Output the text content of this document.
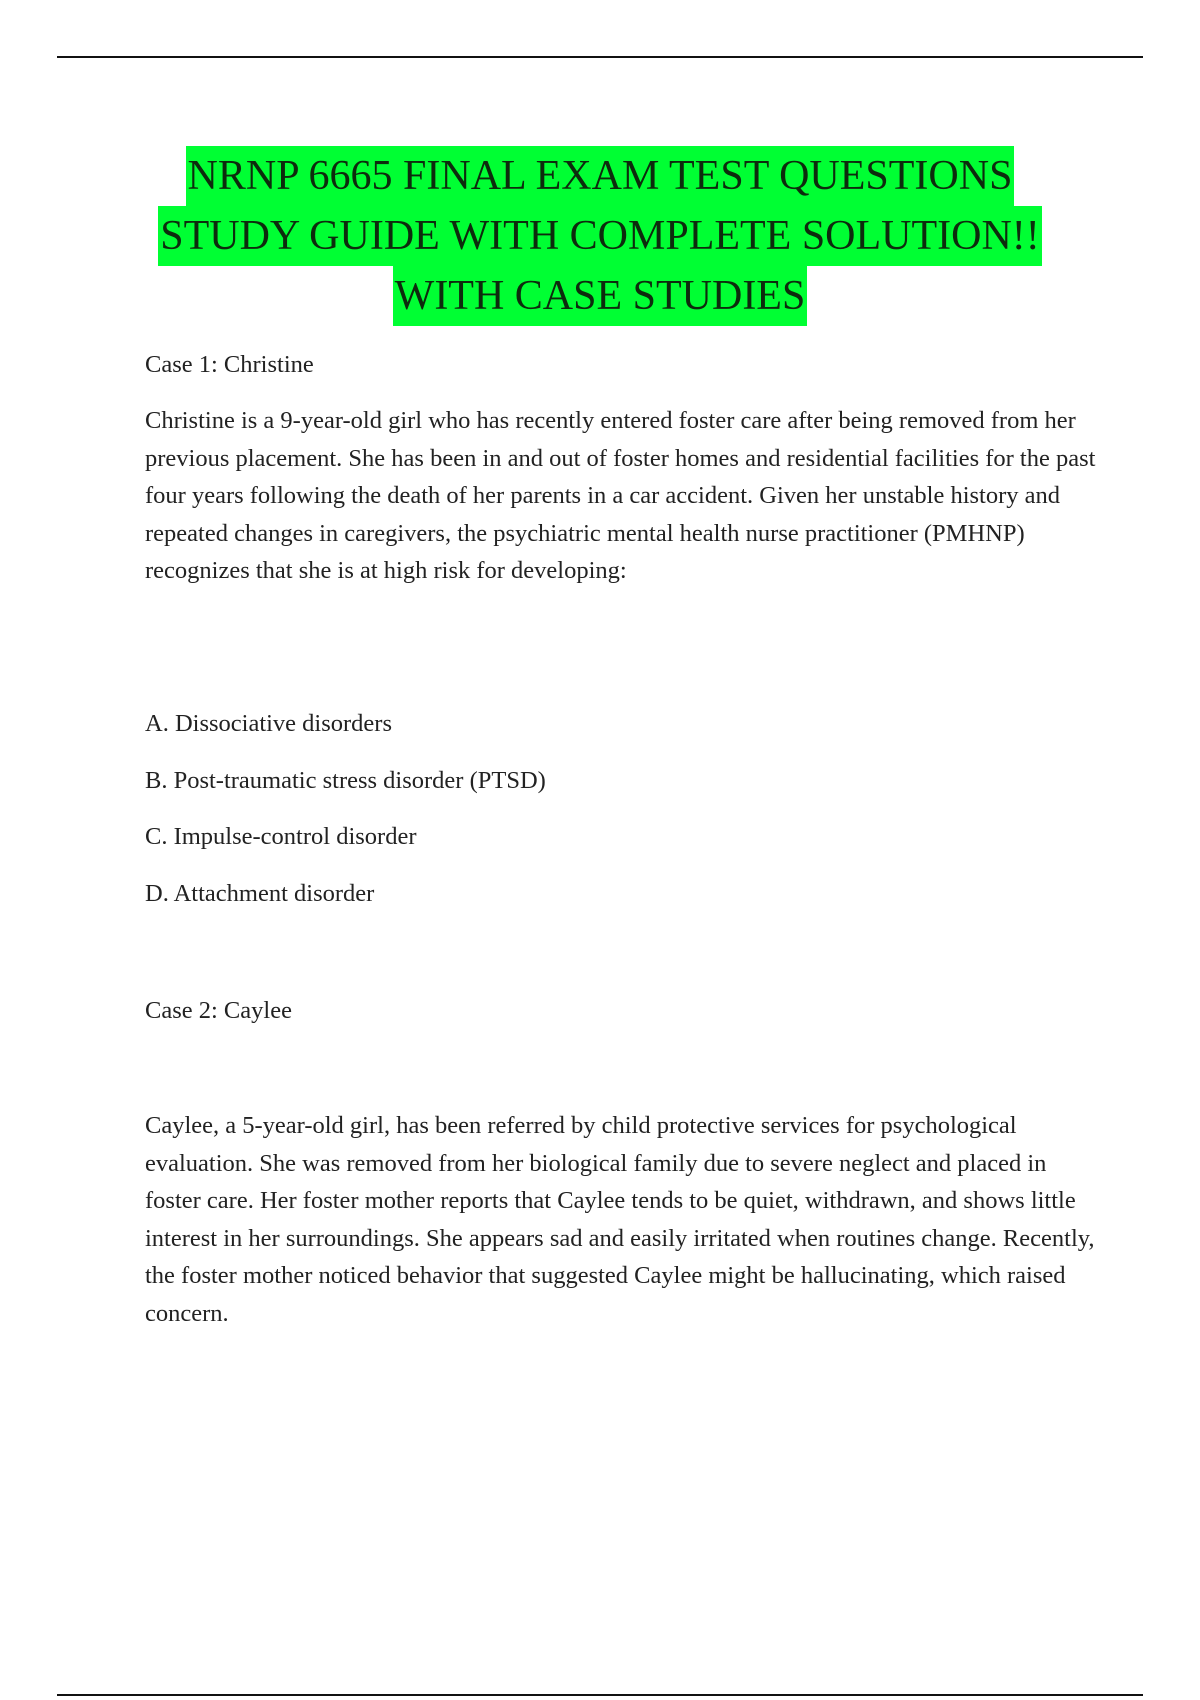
NRNP 6665 FINAL EXAM TEST QUESTIONS
STUDY GUIDE WITH COMPLETE SOLUTION!!
WITH CASE STUDIES

Case 1: Christine

Christine is a 9-year-old girl who has recently entered foster care after being removed from her previous placement. She has been in and out of foster homes and residential facilities for the past four years following the death of her parents in a car accident. Given her unstable history and repeated changes in caregivers, the psychiatric mental health nurse practitioner (PMHNP) recognizes that she is at high risk for developing:

A. Dissociative disorders

B. Post-traumatic stress disorder (PTSD)

C. Impulse-control disorder

D. Attachment disorder

Case 2: Caylee

Caylee, a 5-year-old girl, has been referred by child protective services for psychological evaluation. She was removed from her biological family due to severe neglect and placed in foster care. Her foster mother reports that Caylee tends to be quiet, withdrawn, and shows little interest in her surroundings. She appears sad and easily irritated when routines change. Recently, the foster mother noticed behavior that suggested Caylee might be hallucinating, which raised concern.
